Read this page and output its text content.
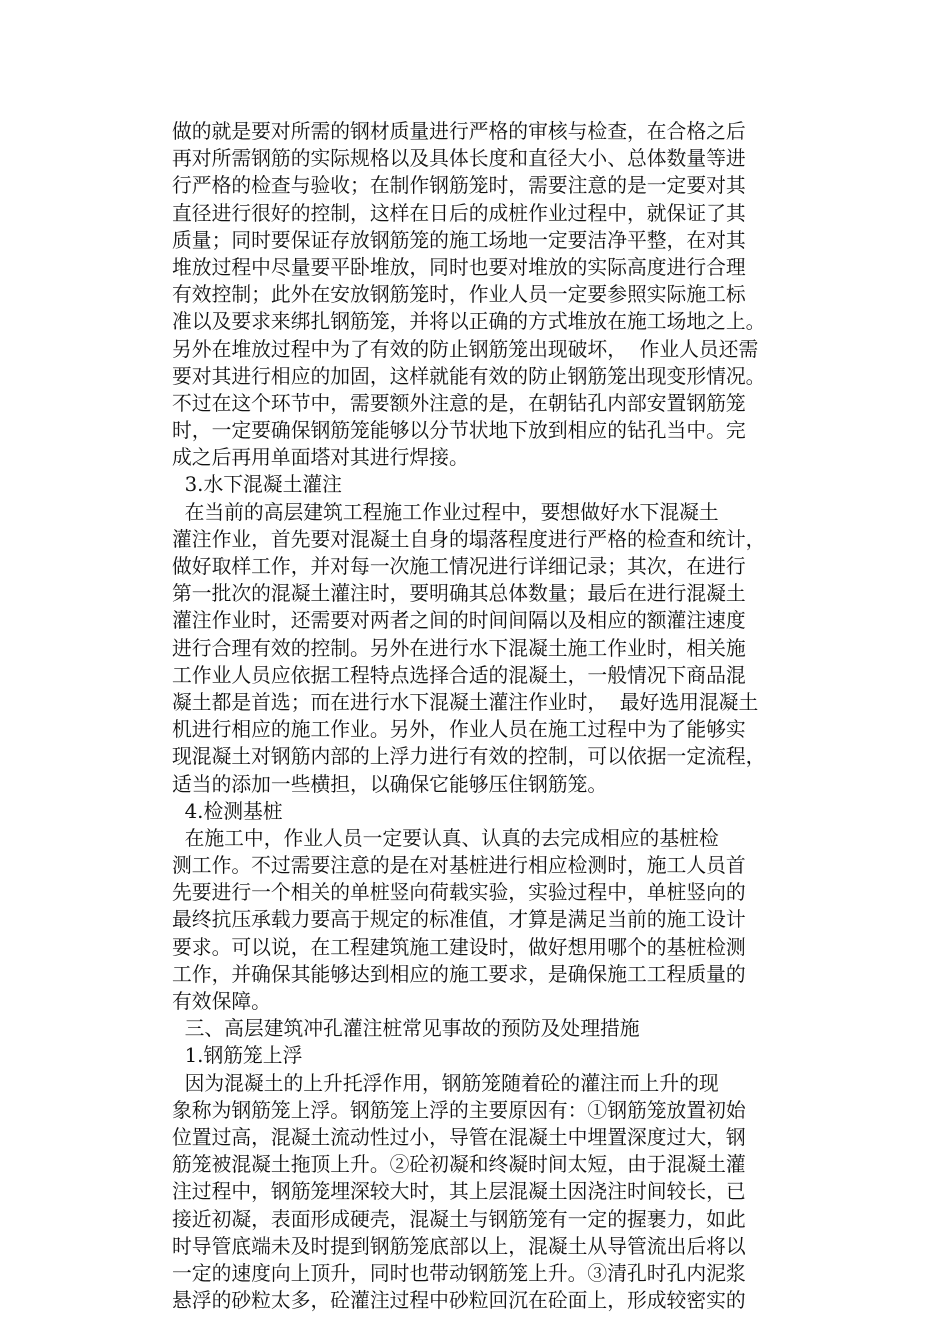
做的就是要对所需的钢材质量进行严格的审核与检查，在合格之后
再对所需钢筋的实际规格以及具体长度和直径大小、总体数量等进
行严格的检查与验收；在制作钢筋笼时，需要注意的是一定要对其
直径进行很好的控制，这样在日后的成桩作业过程中，就保证了其
质量；同时要保证存放钢筋笼的施工场地一定要洁净平整，在对其
堆放过程中尽量要平卧堆放，同时也要对堆放的实际高度进行合理
有效控制；此外在安放钢筋笼时，作业人员一定要参照实际施工标
准以及要求来绑扎钢筋笼，并将以正确的方式堆放在施工场地之上。
另外在堆放过程中为了有效的防止钢筋笼出现破坏，  作业人员还需
要对其进行相应的加固，这样就能有效的防止钢筋笼出现变形情况。
不过在这个环节中，需要额外注意的是，在朝钻孔内部安置钢筋笼
时，一定要确保钢筋笼能够以分节状地下放到相应的钻孔当中。完
成之后再用单面塔对其进行焊接。
3.水下混凝土灌注
在当前的高层建筑工程施工作业过程中，要想做好水下混凝土
灌注作业，首先要对混凝土自身的塌落程度进行严格的检查和统计，
做好取样工作，并对每一次施工情况进行详细记录；其次，在进行
第一批次的混凝土灌注时，要明确其总体数量；最后在进行混凝土
灌注作业时，还需要对两者之间的时间间隔以及相应的额灌注速度
进行合理有效的控制。另外在进行水下混凝土施工作业时，相关施
工作业人员应依据工程特点选择合适的混凝土，一般情况下商品混
凝土都是首选；而在进行水下混凝土灌注作业时，  最好选用混凝土
机进行相应的施工作业。另外，作业人员在施工过程中为了能够实
现混凝土对钢筋内部的上浮力进行有效的控制，可以依据一定流程，
适当的添加一些横担，以确保它能够压住钢筋笼。
4.检测基桩
在施工中，作业人员一定要认真、认真的去完成相应的基桩检
测工作。不过需要注意的是在对基桩进行相应检测时，施工人员首
先要进行一个相关的单桩竖向荷载实验，实验过程中，单桩竖向的
最终抗压承载力要高于规定的标准值，才算是满足当前的施工设计
要求。可以说，在工程建筑施工建设时，做好想用哪个的基桩检测
工作，并确保其能够达到相应的施工要求，是确保施工工程质量的
有效保障。
三、高层建筑冲孔灌注桩常见事故的预防及处理措施
1.钢筋笼上浮
因为混凝土的上升托浮作用，钢筋笼随着砼的灌注而上升的现
象称为钢筋笼上浮。钢筋笼上浮的主要原因有：①钢筋笼放置初始
位置过高，混凝土流动性过小，导管在混凝土中埋置深度过大，钢
筋笼被混凝土拖顶上升。②砼初凝和终凝时间太短，由于混凝土灌
注过程中，钢筋笼埋深较大时，其上层混凝土因浇注时间较长，已
接近初凝，表面形成硬壳，混凝土与钢筋笼有一定的握裹力，如此
时导管底端未及时提到钢筋笼底部以上，混凝土从导管流出后将以
一定的速度向上顶升，同时也带动钢筋笼上升。③清孔时孔内泥浆
悬浮的砂粒太多，砼灌注过程中砂粒回沉在砼面上，形成较密实的
